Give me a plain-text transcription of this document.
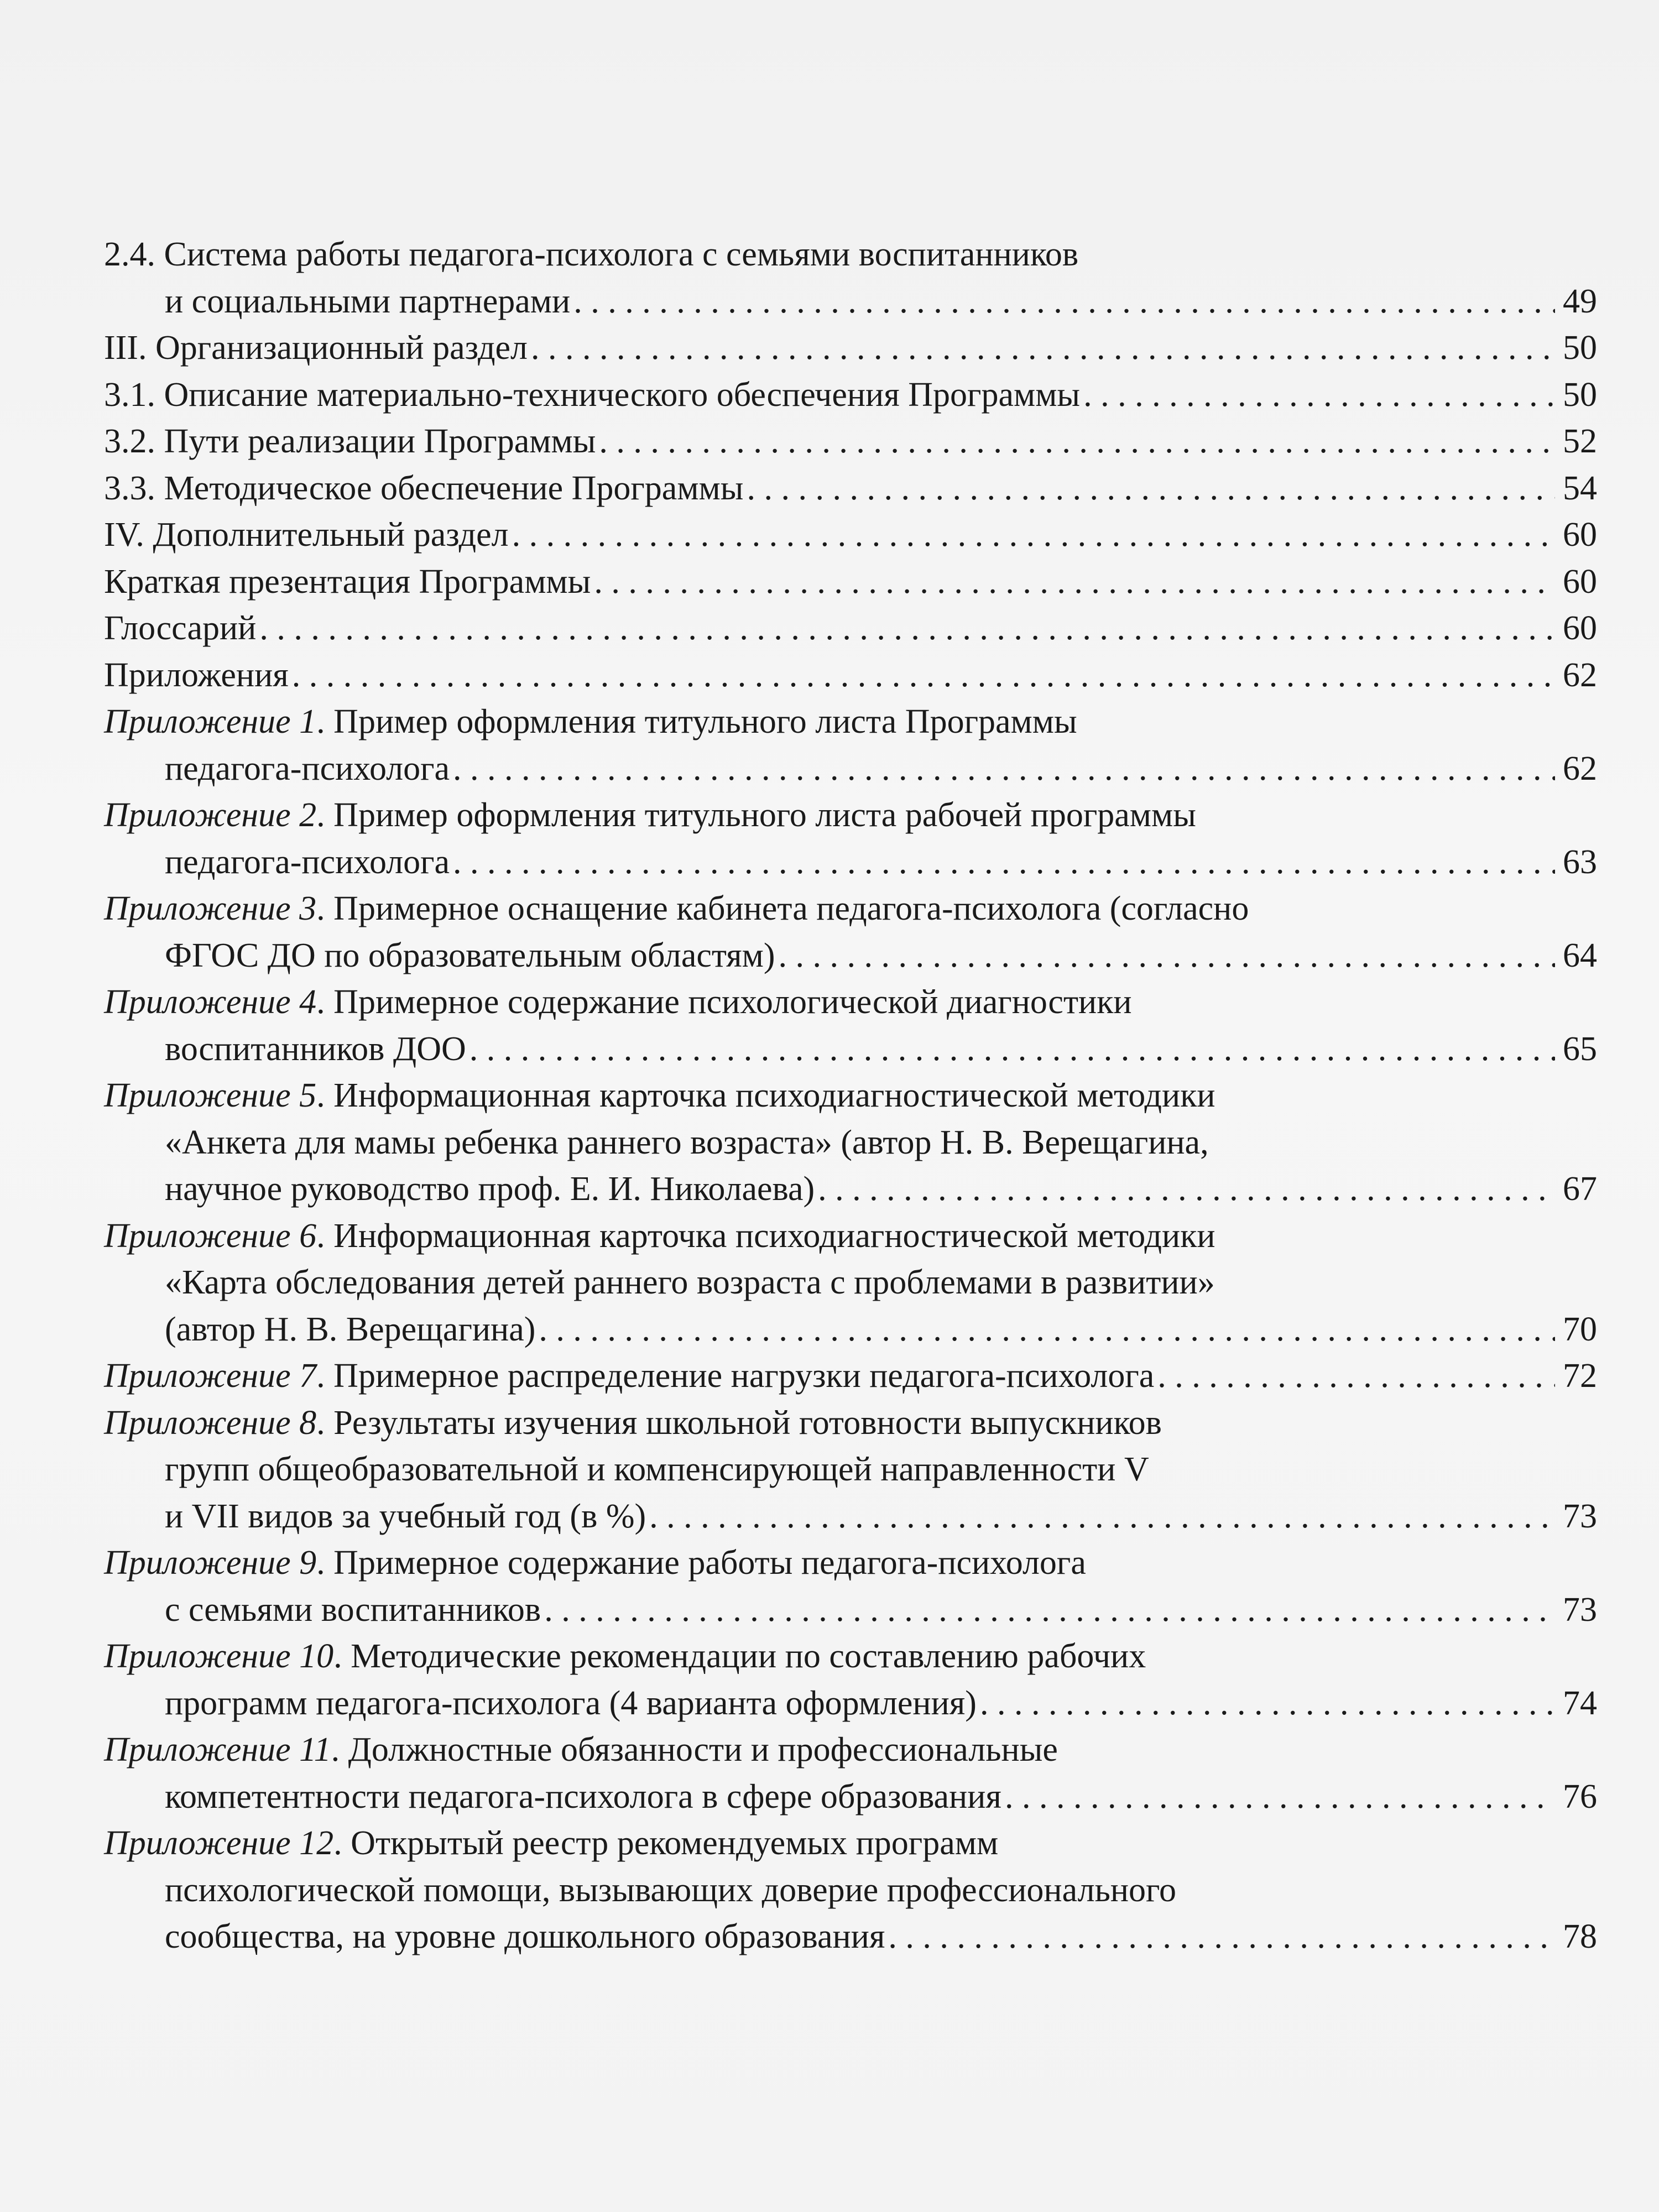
2.4. Система работы педагога-психолога с семьями воспитанников
и социальными партнерами . . .	49
III. Организационный раздел . . .	50
3.1. Описание материально-технического обеспечения Программы . . .	50
3.2. Пути реализации Программы . . .	52
3.3. Методическое обеспечение Программы . . .	54
IV. Дополнительный раздел . . .	60
Краткая презентация Программы . . .	60
Глоссарий . . .	60
Приложения . . .	62
Приложение 1. Пример оформления титульного листа Программы
педагога-психолога . . .	62
Приложение 2. Пример оформления титульного листа рабочей программы
педагога-психолога . . .	63
Приложение 3. Примерное оснащение кабинета педагога-психолога (согласно
ФГОС ДО по образовательным областям) . . .	64
Приложение 4. Примерное содержание психологической диагностики
воспитанников ДОО . . .	65
Приложение 5. Информационная карточка психодиагностической методики
«Анкета для мамы ребенка раннего возраста» (автор Н. В. Верещагина,
научное руководство проф. Е. И. Николаева) . . .	67
Приложение 6. Информационная карточка психодиагностической методики
«Карта обследования детей раннего возраста с проблемами в развитии»
(автор Н. В. Верещагина) . . .	70
Приложение 7. Примерное распределение нагрузки педагога-психолога . . .	72
Приложение 8. Результаты изучения школьной готовности выпускников
групп общеобразовательной и компенсирующей направленности V
и VII видов за учебный год (в %) . . .	73
Приложение 9. Примерное содержание работы педагога-психолога
с семьями воспитанников . . .	73
Приложение 10. Методические рекомендации по составлению рабочих
программ педагога-психолога (4 варианта оформления) . . .	74
Приложение 11. Должностные обязанности и профессиональные
компетентности педагога-психолога в сфере образования . . .	76
Приложение 12. Открытый реестр рекомендуемых программ
психологической помощи, вызывающих доверие профессионального
сообщества, на уровне дошкольного образования . . .	78
